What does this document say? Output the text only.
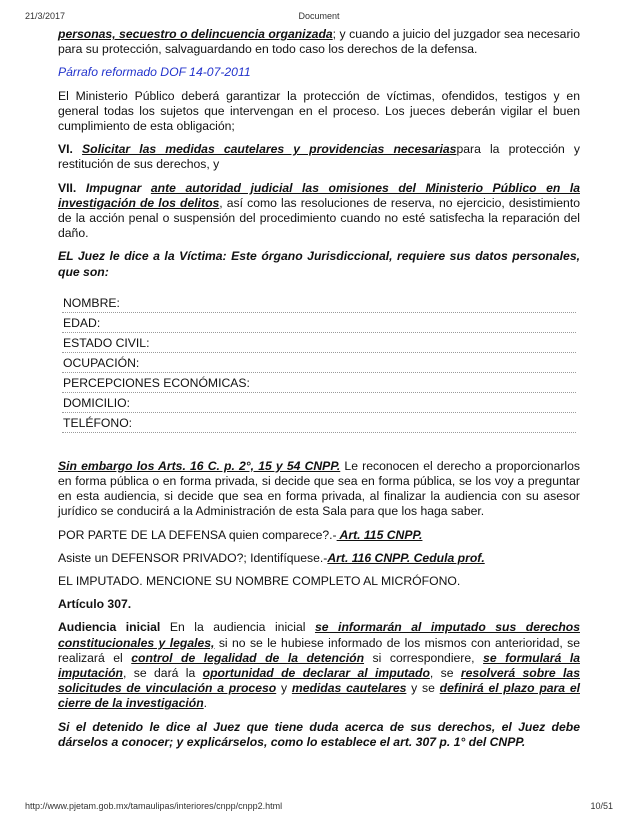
21/3/2017	Document

personas, secuestro o delincuencia organizada; y cuando a juicio del juzgador sea necesario para su protección, salvaguardando en todo caso los derechos de la defensa.

Párrafo reformado DOF 14-07-2011

El Ministerio Público deberá garantizar la protección de víctimas, ofendidos, testigos y en general todas los sujetos que intervengan en el proceso. Los jueces deberán vigilar el buen cumplimiento de esta obligación;

VI. Solicitar las medidas cautelares y providencias necesariaspara la protección y restitución de sus derechos, y

VII. Impugnar ante autoridad judicial las omisiones del Ministerio Público en la investigación de los delitos, así como las resoluciones de reserva, no ejercicio, desistimiento de la acción penal o suspensión del procedimiento cuando no esté satisfecha la reparación del daño.

EL Juez le dice a la Víctima: Este órgano Jurisdiccional, requiere sus datos personales, que son:

NOMBRE:
EDAD:
ESTADO CIVIL:
OCUPACIÓN:
PERCEPCIONES ECONÓMICAS:
DOMICILIO:
TELÉFONO:

Sin embargo los Arts. 16 C. p. 2°, 15 y 54 CNPP. Le reconocen el derecho a proporcionarlos en forma pública o en forma privada, si decide que sea en forma pública, se los voy a preguntar en esta audiencia, si decide que sea en forma privada, al finalizar la audiencia con su asesor jurídico se conducirá a la Administración de esta Sala para que los haga saber.

POR PARTE DE LA DEFENSA quien comparece?.- Art. 115 CNPP.

Asiste un DEFENSOR PRIVADO?; Identifíquese.-Art. 116 CNPP. Cedula prof.

EL IMPUTADO. MENCIONE SU NOMBRE COMPLETO AL MICRÓFONO.

Artículo 307.

Audiencia inicial En la audiencia inicial se informarán al imputado sus derechos constitucionales y legales, si no se le hubiese informado de los mismos con anterioridad, se realizará el control de legalidad de la detención si correspondiere, se formulará la imputación, se dará la oportunidad de declarar al imputado, se resolverá sobre las solicitudes de vinculación a proceso y medidas cautelares y se definirá el plazo para el cierre de la investigación.

Si el detenido le dice al Juez que tiene duda acerca de sus derechos, el Juez debe dárselos a conocer; y explicárselos, como lo establece el art. 307 p. 1° del CNPP.

http://www.pjetam.gob.mx/tamaulipas/interiores/cnpp/cnpp2.html	10/51
